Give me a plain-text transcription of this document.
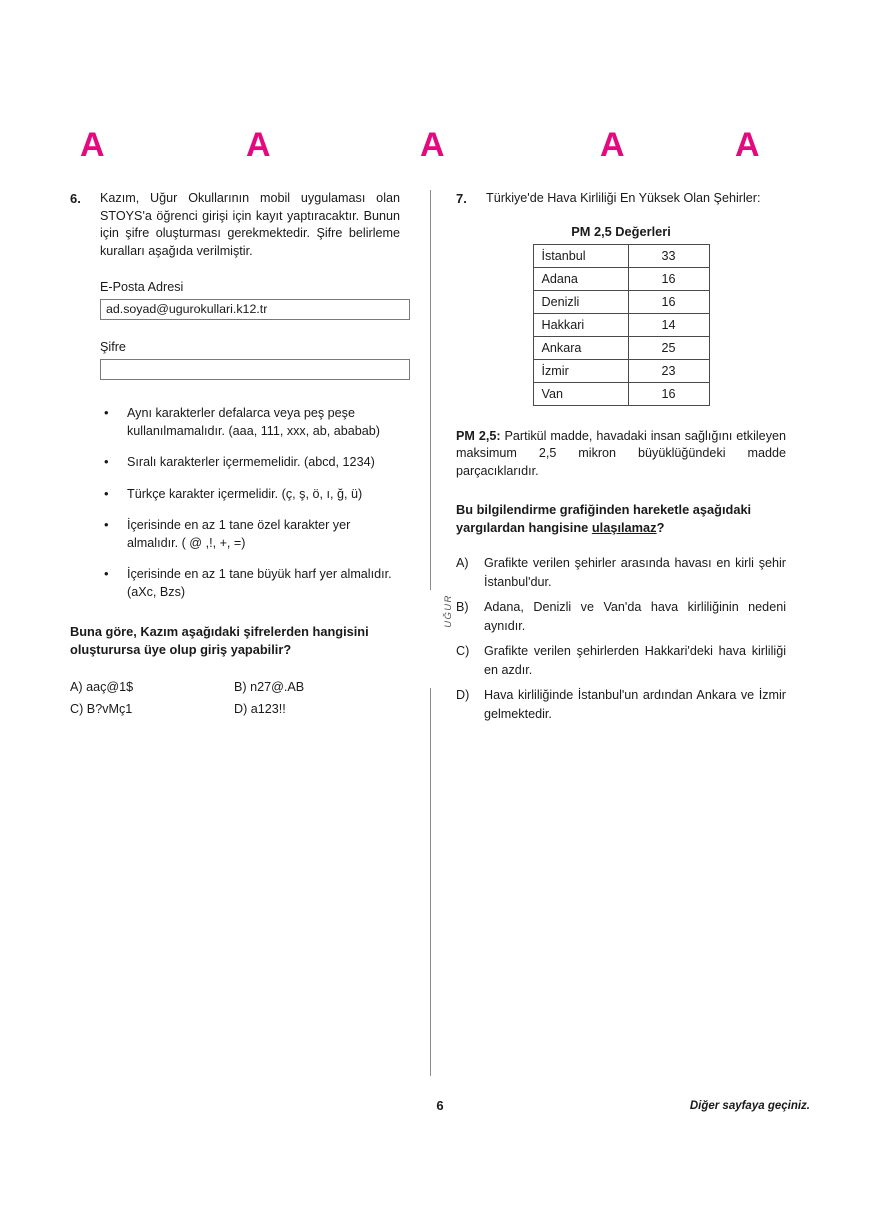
A	A	A	A	A
UĞUR
6.	Kazım, Uğur Okullarının mobil uygulaması olan STOYS'a öğrenci girişi için kayıt yaptıracaktır. Bunun için şifre oluşturması gerekmektedir. Şifre belirleme kuralları aşağıda verilmiştir.
E-Posta Adresi
ad.soyad@ugurokullari.k12.tr
Şifre
• Aynı karakterler defalarca veya peş peşe kullanılmamalıdır. (aaa, 111, xxx, ab, ababab)
• Sıralı karakterler içermemelidir. (abcd, 1234)
• Türkçe karakter içermelidir. (ç, ş, ö, ı, ğ, ü)
• İçerisinde en az 1 tane özel karakter yer almalıdır. ( @ ,!, +, =)
• İçerisinde en az 1 tane büyük harf yer almalıdır. (aXc, Bzs)
Buna göre, Kazım aşağıdaki şifrelerden hangisini oluşturursa üye olup giriş yapabilir?
A) aaç@1$	B) n27@.AB
C) B?vMç1	D) a123!!
7.	Türkiye'de Hava Kirliliği En Yüksek Olan Şehirler:
PM 2,5 Değerleri
İstanbul	33
Adana	16
Denizli	16
Hakkari	14
Ankara	25
İzmir	23
Van	16
PM 2,5: Partikül madde, havadaki insan sağlığını etkileyen maksimum 2,5 mikron büyüklüğündeki madde parçacıklarıdır.
Bu bilgilendirme grafiğinden hareketle aşağıdaki yargılardan hangisine ulaşılamaz?
A) Grafikte verilen şehirler arasında havası en kirli şehir İstanbul'dur.
B) Adana, Denizli ve Van'da hava kirliliğinin nedeni aynıdır.
C) Grafikte verilen şehirlerden Hakkari'deki hava kirliliği en azdır.
D) Hava kirliliğinde İstanbul'un ardından Ankara ve İzmir gelmektedir.
6	Diğer sayfaya geçiniz.
